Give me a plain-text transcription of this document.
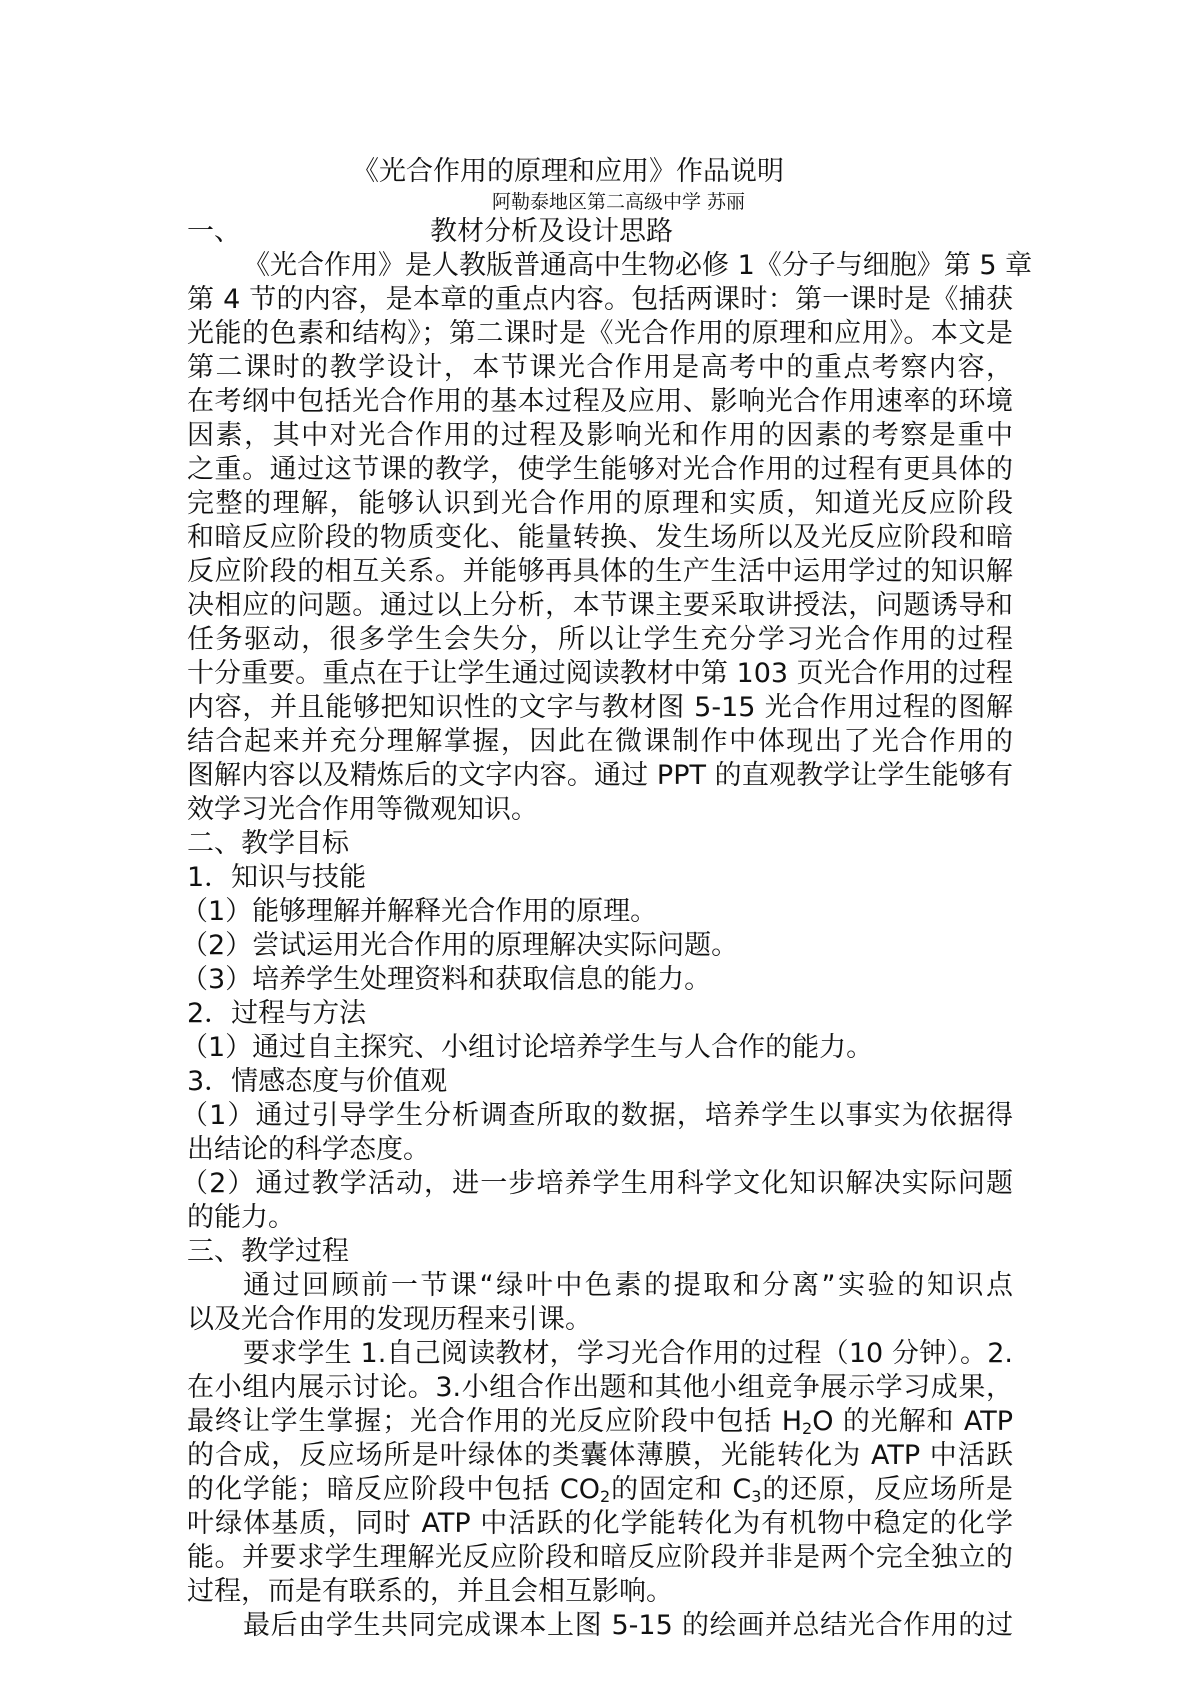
《光合作用的原理和应用》作品说明
阿勒泰地区第二高级中学 苏丽
一、	教材分析及设计思路
《光合作用》是人教版普通高中生物必修 1《分子与细胞》第 5 章
第 4 节的内容，是本章的重点内容。包括两课时：第一课时是《捕获
光能的色素和结构》；第二课时是《光合作用的原理和应用》。本文是
第二课时的教学设计，本节课光合作用是高考中的重点考察内容，
在考纲中包括光合作用的基本过程及应用、影响光合作用速率的环境
因素，其中对光合作用的过程及影响光和作用的因素的考察是重中
之重。通过这节课的教学，使学生能够对光合作用的过程有更具体的
完整的理解，能够认识到光合作用的原理和实质，知道光反应阶段
和暗反应阶段的物质变化、能量转换、发生场所以及光反应阶段和暗
反应阶段的相互关系。并能够再具体的生产生活中运用学过的知识解
决相应的问题。通过以上分析，本节课主要采取讲授法，问题诱导和
任务驱动，很多学生会失分，所以让学生充分学习光合作用的过程
十分重要。重点在于让学生通过阅读教材中第 103 页光合作用的过程
内容，并且能够把知识性的文字与教材图 5-15 光合作用过程的图解
结合起来并充分理解掌握，因此在微课制作中体现出了光合作用的
图解内容以及精炼后的文字内容。通过 PPT 的直观教学让学生能够有
效学习光合作用等微观知识。
二、教学目标
1．知识与技能
（1）能够理解并解释光合作用的原理。
（2）尝试运用光合作用的原理解决实际问题。
（3）培养学生处理资料和获取信息的能力。
2．过程与方法
（1）通过自主探究、小组讨论培养学生与人合作的能力。
3．情感态度与价值观
（1）通过引导学生分析调查所取的数据，培养学生以事实为依据得
出结论的科学态度。
（2）通过教学活动，进一步培养学生用科学文化知识解决实际问题
的能力。
三、教学过程
通过回顾前一节课“绿叶中色素的提取和分离”实验的知识点
以及光合作用的发现历程来引课。
要求学生 1.自己阅读教材，学习光合作用的过程（10 分钟）。2.
在小组内展示讨论。3.小组合作出题和其他小组竞争展示学习成果，
最终让学生掌握；光合作用的光反应阶段中包括 $H_2O$ 的光解和 ATP
的合成，反应场所是叶绿体的类囊体薄膜，光能转化为 ATP 中活跃
的化学能；暗反应阶段中包括 $CO_2$的固定和 $C_3$的还原，反应场所是
叶绿体基质，同时 ATP 中活跃的化学能转化为有机物中稳定的化学
能。并要求学生理解光反应阶段和暗反应阶段并非是两个完全独立的
过程，而是有联系的，并且会相互影响。
最后由学生共同完成课本上图 5-15 的绘画并总结光合作用的过
